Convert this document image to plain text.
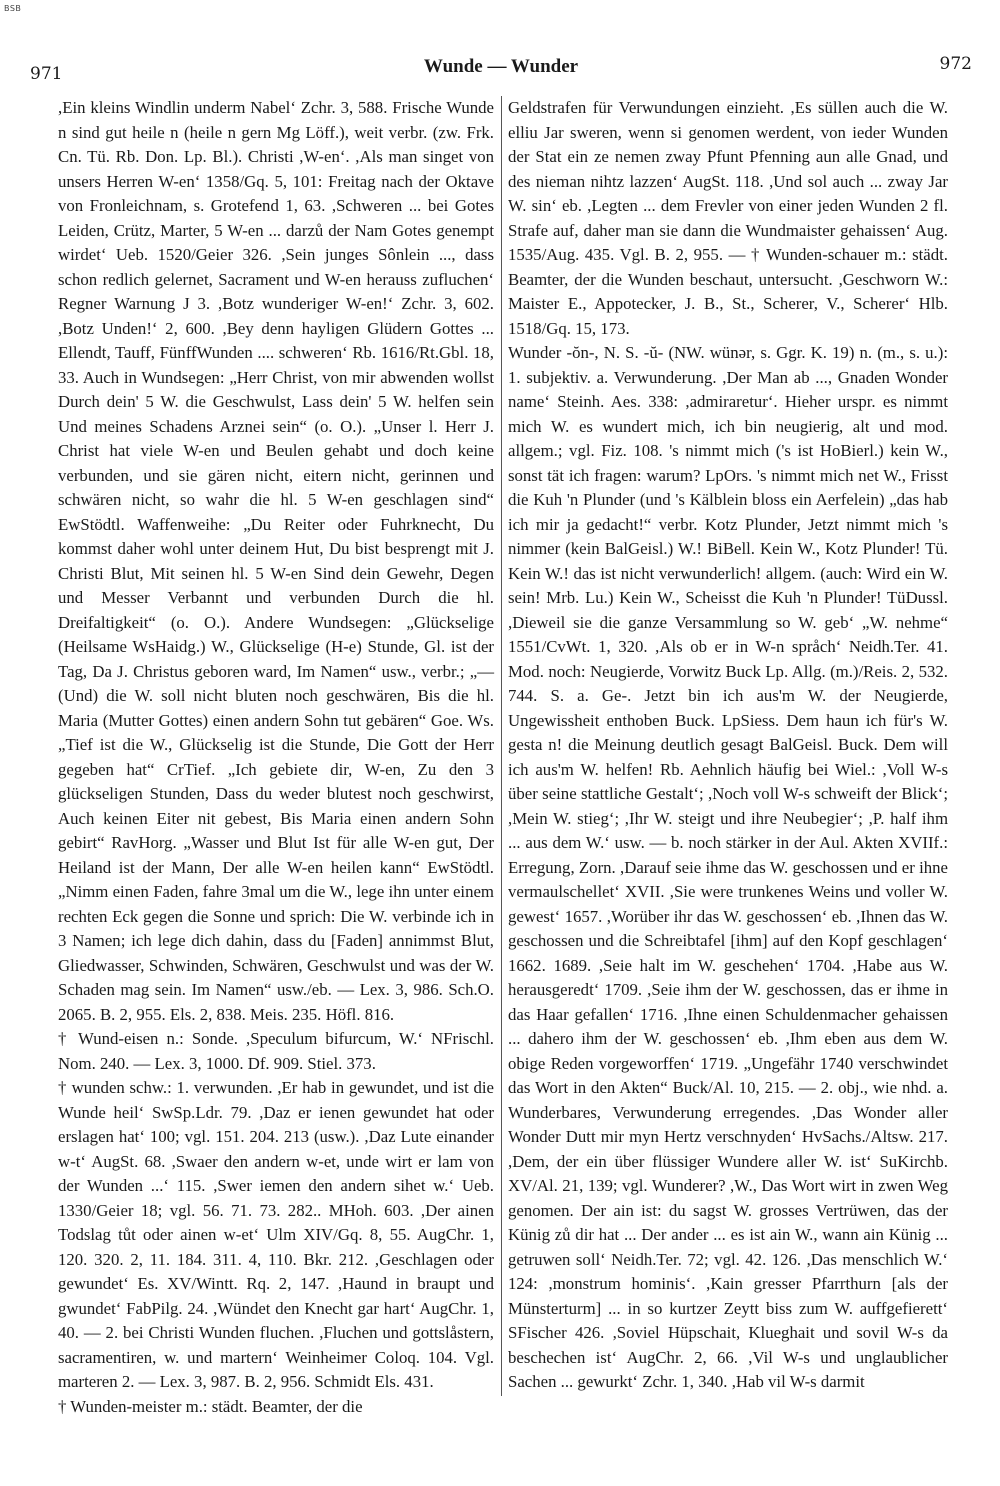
BSB
971	Wunde — Wunder	972

,Ein kleins Windlin underm Nabel‘ Zchr. 3, 588. Frische Wunde n sind gut heile n (heile n gern Mg Löff.), weit verbr. (zw. Frk. Cn. Tü. Rb. Don. Lp. Bl.). Christi ,W-en‘. ,Als man singet von unsers Herren W-en‘ 1358/Gq. 5, 101: Freitag nach der Oktave von Fronleichnam, s. Grotefend 1, 63. ,Schweren ... bei Gotes Leiden, Crütz, Marter, 5 W-en ... darzů der Nam Gotes genempt wirdet‘ Ueb. 1520/Geier 326. ,Sein junges Sônlein ..., dass schon redlich gelernet, Sacrament und W-en herauss zufluchen‘ Regner Warnung J 3. ,Botz wunderiger W-en!‘ Zchr. 3, 602. ,Botz Unden!‘ 2, 600. ,Bey denn hayligen Glüdern Gottes ... Ellendt, Tauff, FünffWunden .... schweren‘ Rb. 1616/Rt.Gbl. 18, 33. Auch in Wundsegen: „Herr Christ, von mir abwenden wollst Durch dein' 5 W. die Geschwulst, Lass dein' 5 W. helfen sein Und meines Schadens Arznei sein“ (o. O.). „Unser l. Herr J. Christ hat viele W-en und Beulen gehabt und doch keine verbunden, und sie gären nicht, eitern nicht, gerinnen und schwären nicht, so wahr die hl. 5 W-en geschlagen sind“ EwStödtl. Waffenweihe: „Du Reiter oder Fuhrknecht, Du kommst daher wohl unter deinem Hut, Du bist besprengt mit J. Christi Blut, Mit seinen hl. 5 W-en Sind dein Gewehr, Degen und Messer Verbannt und verbunden Durch die hl. Dreifaltigkeit“ (o. O.). Andere Wundsegen: „Glückselige (Heilsame WsHaidg.) W., Glückselige (H-e) Stunde, Gl. ist der Tag, Da J. Christus geboren ward, Im Namen“ usw., verbr.; „— (Und) die W. soll nicht bluten noch geschwären, Bis die hl. Maria (Mutter Gottes) einen andern Sohn tut gebären“ Goe. Ws. „Tief ist die W., Glückselig ist die Stunde, Die Gott der Herr gegeben hat“ CrTief. „Ich gebiete dir, W-en, Zu den 3 glückseligen Stunden, Dass du weder blutest noch geschwirst, Auch keinen Eiter nit gebest, Bis Maria einen andern Sohn gebirt“ RavHorg. „Wasser und Blut Ist für alle W-en gut, Der Heiland ist der Mann, Der alle W-en heilen kann“ EwStödtl. „Nimm einen Faden, fahre 3mal um die W., lege ihn unter einem rechten Eck gegen die Sonne und sprich: Die W. verbinde ich in 3 Namen; ich lege dich dahin, dass du [Faden] annimmst Blut, Gliedwasser, Schwinden, Schwären, Geschwulst und was der W. Schaden mag sein. Im Namen“ usw./eb. — Lex. 3, 986. Sch.O. 2065. B. 2, 955. Els. 2, 838. Meis. 235. Höfl. 816.

† Wund-eisen n.: Sonde. ,Speculum bifurcum, W.‘ NFrischl. Nom. 240. — Lex. 3, 1000. Df. 909. Stiel. 373.

† wunden schw.: 1. verwunden. ,Er hab in gewundet, und ist die Wunde heil‘ SwSp.Ldr. 79. ,Daz er ienen gewundet hat oder erslagen hat‘ 100; vgl. 151. 204. 213 (usw.). ,Daz Lute einander w-t‘ AugSt. 68. ,Swaer den andern w-et, unde wirt er lam von der Wunden ...‘ 115. ,Swer iemen den andern sihet w.‘ Ueb. 1330/Geier 18; vgl. 56. 71. 73. 282.. MHoh. 603. ,Der ainen Todslag tůt oder ainen w-et‘ Ulm XIV/Gq. 8, 55. AugChr. 1, 120. 320. 2, 11. 184. 311. 4, 110. Bkr. 212. ,Geschlagen oder gewundet‘ Es. XV/Wintt. Rq. 2, 147. ,Haund in braupt und gwundet‘ FabPilg. 24. ,Wündet den Knecht gar hart‘ AugChr. 1, 40. — 2. bei Christi Wunden fluchen. ,Fluchen und gottslåstern, sacramentiren, w. und martern‘ Weinheimer Coloq. 104. Vgl. marteren 2. — Lex. 3, 987. B. 2, 956. Schmidt Els. 431.

† Wunden-meister m.: städt. Beamter, der die

Geldstrafen für Verwundungen einzieht. ,Es süllen auch die W. elliu Jar sweren, wenn si genomen werdent, von ieder Wunden der Stat ein ze nemen zway Pfunt Pfenning aun alle Gnad, und des nieman nihtz lazzen‘ AugSt. 118. ,Und sol auch ... zway Jar W. sin‘ eb. ,Legten ... dem Frevler von einer jeden Wunden 2 fl. Strafe auf, daher man sie dann die Wundmaister gehaissen‘ Aug. 1535/Aug. 435. Vgl. B. 2, 955. — † Wunden-schauer m.: städt. Beamter, der die Wunden beschaut, untersucht. ,Geschworn W.: Maister E., Appotecker, J. B., St., Scherer, V., Scherer‘ Hlb. 1518/Gq. 15, 173.

Wunder -ŏn-, N. S. -ŭ- (NW. wünər, s. Ggr. K. 19) n. (m., s. u.): 1. subjektiv. a. Verwunderung. ,Der Man ab ..., Gnaden Wonder name‘ Steinh. Aes. 338: ,admiraretur‘. Hieher urspr. es nimmt mich W. es wundert mich, ich bin neugierig, alt und mod. allgem.; vgl. Fiz. 108. 's nimmt mich ('s ist HoBierl.) kein W., sonst tät ich fragen: warum? LpOrs. 's nimmt mich net W., Frisst die Kuh 'n Plunder (und 's Kälblein bloss ein Aerfelein) „das hab ich mir ja gedacht!“ verbr. Kotz Plunder, Jetzt nimmt mich 's nimmer (kein BalGeisl.) W.! BiBell. Kein W., Kotz Plunder! Tü. Kein W.! das ist nicht verwunderlich! allgem. (auch: Wird ein W. sein! Mrb. Lu.) Kein W., Scheisst die Kuh 'n Plunder! TüDussl. ,Dieweil sie die ganze Versammlung so W. geb‘ „W. nehme“ 1551/CvWt. 1, 320. ,Als ob er in W-n språch‘ Neidh.Ter. 41. Mod. noch: Neugierde, Vorwitz Buck Lp. Allg. (m.)/Reis. 2, 532. 744. S. a. Ge-. Jetzt bin ich aus'm W. der Neugierde, Ungewissheit enthoben Buck. LpSiess. Dem haun ich für's W. gesta n! die Meinung deutlich gesagt BalGeisl. Buck. Dem will ich aus'm W. helfen! Rb. Aehnlich häufig bei Wiel.: ,Voll W-s über seine stattliche Gestalt‘; ,Noch voll W-s schweift der Blick‘; ,Mein W. stieg‘; ,Ihr W. steigt und ihre Neubegier‘; ,P. half ihm ... aus dem W.‘ usw. — b. noch stärker in der Aul. Akten XVIIf.: Erregung, Zorn. ,Darauf seie ihme das W. geschossen und er ihne vermaulschellet‘ XVII. ,Sie were trunkenes Weins und voller W. gewest‘ 1657. ,Worüber ihr das W. geschossen‘ eb. ,Ihnen das W. geschossen und die Schreibtafel [ihm] auf den Kopf geschlagen‘ 1662. 1689. ,Seie halt im W. geschehen‘ 1704. ,Habe aus W. herausgeredt‘ 1709. ,Seie ihm der W. geschossen, das er ihme in das Haar gefallen‘ 1716. ,Ihne einen Schuldenmacher gehaissen ... dahero ihm der W. geschossen‘ eb. ,Ihm eben aus dem W. obige Reden vorgeworffen‘ 1719. „Ungefähr 1740 verschwindet das Wort in den Akten“ Buck/Al. 10, 215. — 2. obj., wie nhd. a. Wunderbares, Verwunderung erregendes. ,Das Wonder aller Wonder Dutt mir myn Hertz verschnyden‘ HvSachs./Altsw. 217. ,Dem, der ein über flüssiger Wundere aller W. ist‘ SuKirchb. XV/Al. 21, 139; vgl. Wunderer? ,W., Das Wort wirt in zwen Weg genomen. Der ain ist: du sagst W. grosses Vertrüwen, das der Künig zů dir hat ... Der ander ... es ist ain W., wann ain Künig ... getruwen soll‘ Neidh.Ter. 72; vgl. 42. 126. ,Das menschlich W.‘ 124: ,monstrum hominis‘. ,Kain gresser Pfarrthurn [als der Münsterturm] ... in so kurtzer Zeytt biss zum W. auffgefierett‘ SFischer 426. ,Soviel Hüpschait, Klueghait und sovil W-s da beschechen ist‘ AugChr. 2, 66. ,Vil W-s und unglaublicher Sachen ... gewurkt‘ Zchr. 1, 340. ,Hab vil W-s darmit
